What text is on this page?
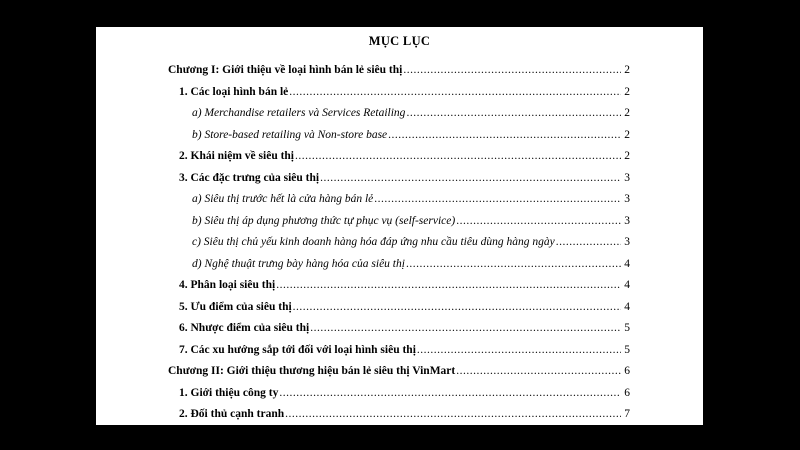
MỤC LỤC
Chương I: Giới thiệu về loại hình bán lẻ siêu thị .....	2
1. Các loại hình bán lẻ .....	2
a) Merchandise retailers và Services Retailing .....	2
b) Store-based retailing và Non-store base .....	2
2. Khái niệm về siêu thị .....	2
3. Các đặc trưng của siêu thị .....	3
a) Siêu thị trước hết là cửa hàng bán lẻ .....	3
b) Siêu thị áp dụng phương thức tự phục vụ (self-service) .....	3
c) Siêu thị chủ yếu kinh doanh hàng hóa đáp ứng nhu cầu tiêu dùng hàng ngày .....	3
d) Nghệ thuật trưng bày hàng hóa của siêu thị .....	4
4. Phân loại siêu thị .....	4
5. Ưu điểm của siêu thị .....	4
6. Nhược điểm của siêu thị .....	5
7. Các xu hướng sắp tới đối với loại hình siêu thị .....	5
Chương II: Giới thiệu thương hiệu bán lẻ siêu thị VinMart .....	6
1. Giới thiệu công ty .....	6
2. Đối thủ cạnh tranh .....	7
